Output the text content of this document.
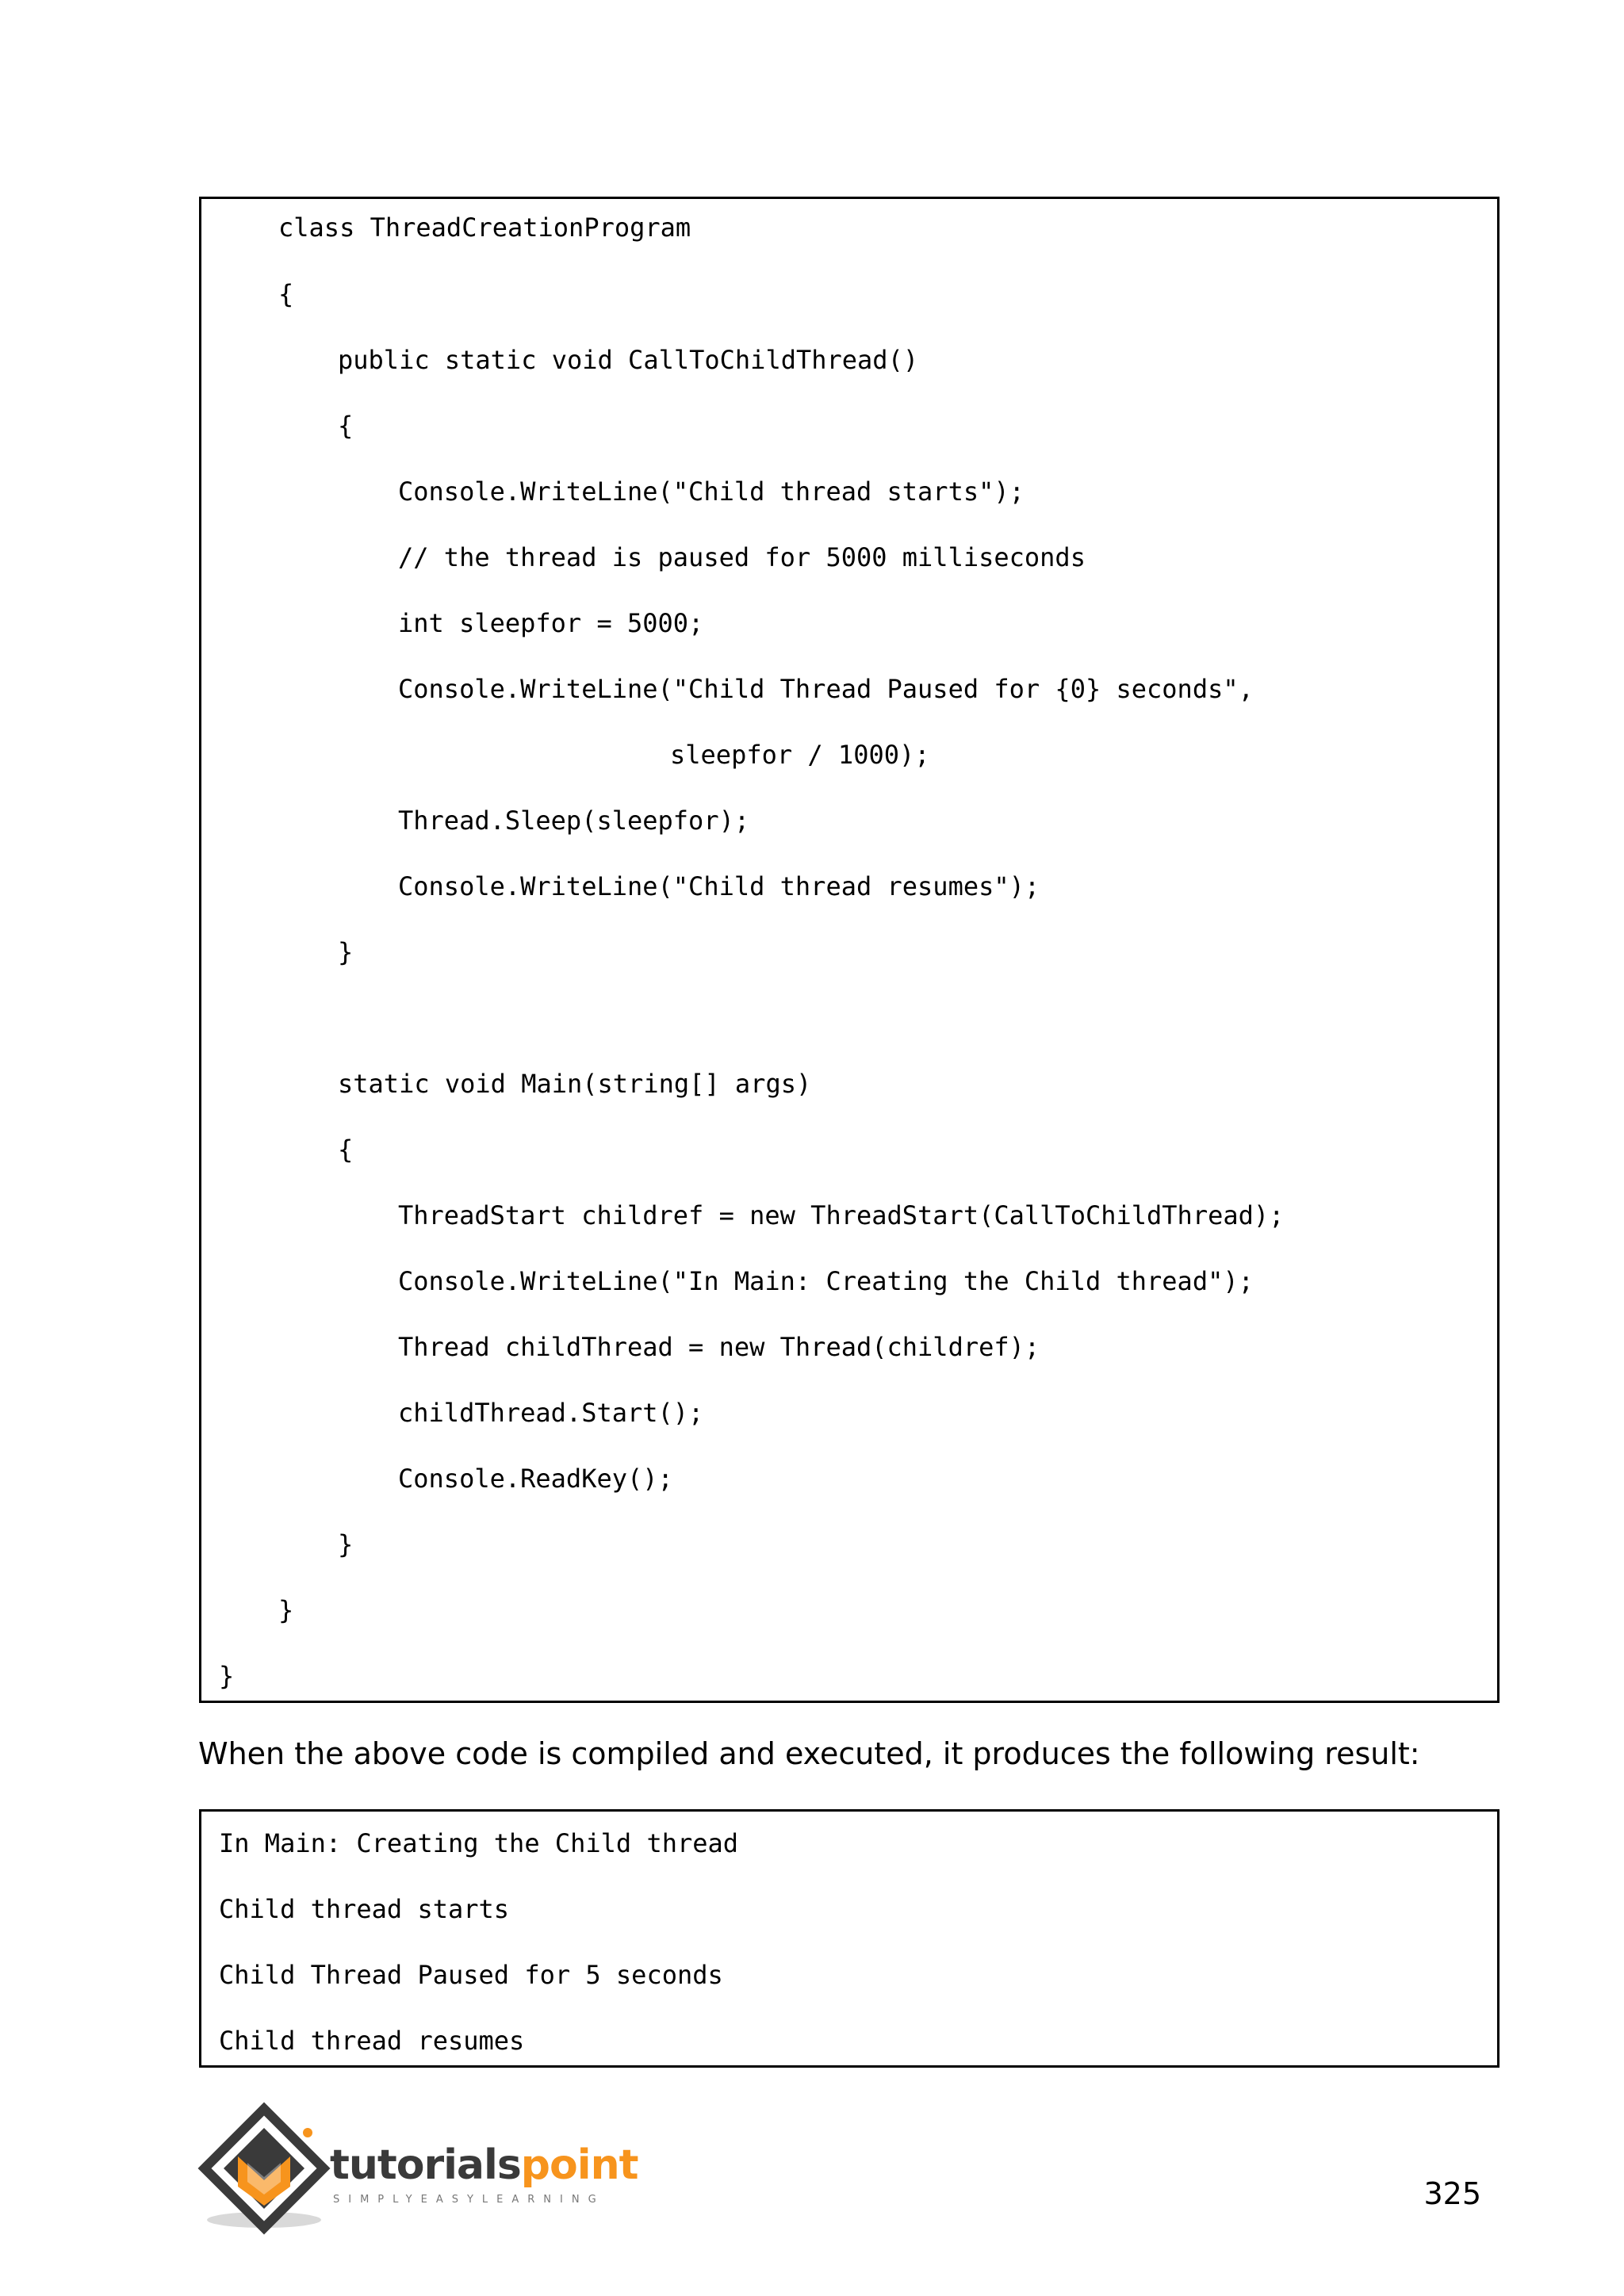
class ThreadCreationProgram
{
public static void CallToChildThread()
{
Console.WriteLine("Child thread starts");
// the thread is paused for 5000 milliseconds
int sleepfor = 5000;
Console.WriteLine("Child Thread Paused for {0} seconds",
sleepfor / 1000);
Thread.Sleep(sleepfor);
Console.WriteLine("Child thread resumes");
}
static void Main(string[] args)
{
ThreadStart childref = new ThreadStart(CallToChildThread);
Console.WriteLine("In Main: Creating the Child thread");
Thread childThread = new Thread(childref);
childThread.Start();
Console.ReadKey();
}
}
}
When the above code is compiled and executed, it produces the following result:
In Main: Creating the Child thread
Child thread starts
Child Thread Paused for 5 seconds
Child thread resumes
tutorialspoint
SIMPLYEASYLEARNING	325
